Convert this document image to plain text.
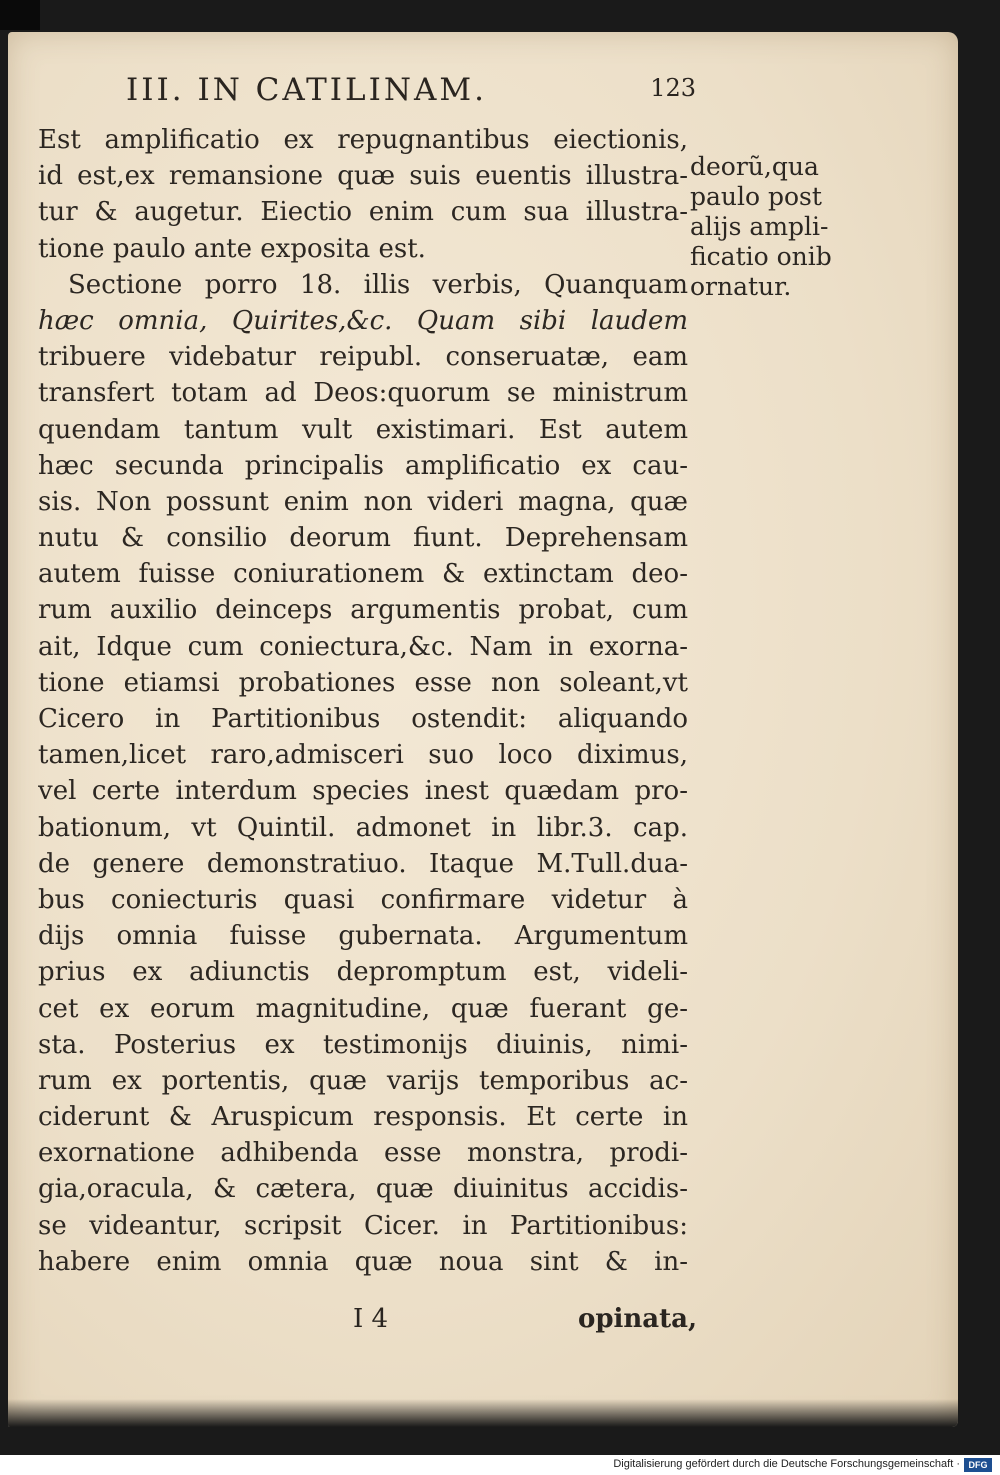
III. IN CATILINAM.	123
Est amplificatio ex repugnantibus eiectionis,
id est,ex remansione quæ suis euentis illustra-
tur & augetur. Eiectio enim cum sua illustra-
tione paulo ante exposita est.
Sectione porro 18. illis verbis, Quanquam
hæc omnia, Quirites,&c. Quam sibi laudem
tribuere videbatur reipubl. conseruatæ, eam
transfert totam ad Deos:quorum se ministrum
quendam tantum vult existimari. Est autem
hæc secunda principalis amplificatio ex cau-
sis. Non possunt enim non videri magna, quæ
nutu & consilio deorum fiunt. Deprehensam
autem fuisse coniurationem & extinctam deo-
rum auxilio deinceps argumentis probat, cum
ait, Idque cum coniectura,&c. Nam in exorna-
tione etiamsi probationes esse non soleant,vt
Cicero in Partitionibus ostendit: aliquando
tamen,licet raro,admisceri suo loco diximus,
vel certe interdum species inest quædam pro-
bationum, vt Quintil. admonet in libr.3. cap.
de genere demonstratiuo. Itaque M.Tull.dua-
bus coniecturis quasi confirmare videtur à
dijs omnia fuisse gubernata. Argumentum
prius ex adiunctis depromptum est, videli-
cet ex eorum magnitudine, quæ fuerant ge-
sta. Posterius ex testimonijs diuinis, nimi-
rum ex portentis, quæ varijs temporibus ac-
ciderunt & Aruspicum responsis. Et certe in
exornatione adhibenda esse monstra, prodi-
gia,oracula, & cætera, quæ diuinitus accidis-
se videantur, scripsit Cicer. in Partitionibus:
habere enim omnia quæ noua sint & in-
deorũ,qua
paulo post
alijs ampli-
ficatio onib
ornatur.
I 4	opinata,
Digitalisierung gefördert durch die Deutsche Forschungsgemeinschaft · DFG
